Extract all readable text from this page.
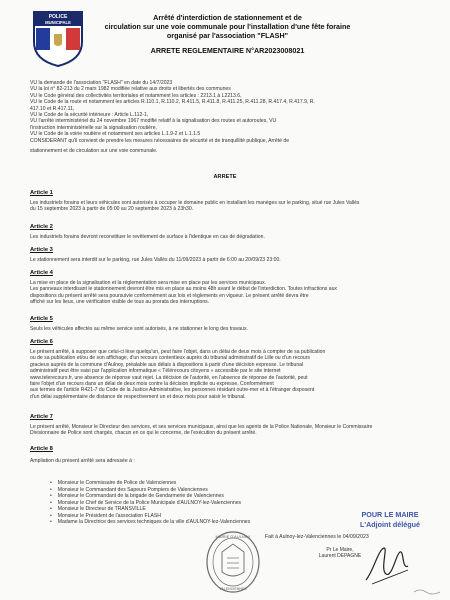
POLICE
MUNICIPALE
Arrêté d'interdiction de stationnement et de
circulation sur une voie communale pour l'installation d'une fête foraine
organisé par l'association "FLASH"
ARRETE REGLEMENTAIRE N°AR2023008021
VU la demande de l'association "FLASH" en date du 14/7/2023
VU la loi n° 82-213 du 2 mars 1982 modifiée relative aux droits et libertés des communes
VU le Code général des collectivités territoriales et notamment les articles : 2213.1 à L2213.6,
VU le Code de la route et notamment les articles R.110.1, R.110.2, R.411.5, R.411.8, R.411.25, R.411.28, R.417.4, R.417.9, R.
417.10 et R.417.11,
VU le Code de la sécurité intérieure : Article L.112-1,
VU l'arrêté interministériel du 24 novembre 1967 modifié relatif à la signalisation des routes et autoroutes, VU
l'instruction interministérielle sur la signalisation routière,
VU le Code de la voirie routière et notamment ses articles L.1.9-2 et L.1.1.5
CONSIDERANT qu'il convient de prendre les mesures nécessaires de sécurité et de tranquillité publique, Arrêté de
stationnement et de circulation sur une voie communale.
ARRETE
Article 1
Les industriels forains et leurs véhicules sont autorisés à occuper le domaine public en installant les manèges sur le parking, situé rue Jules Vallès
du 15 septembre 2023 à partir de 05:00 au 20 septembre 2023 à 23h30.
Article 2
Les industriels forains devront reconstituer le revêtement de surface à l'identique en cas de dégradation.
Article 3
Le stationnement sera interdit sur le parking, rue Jules Vallès du 11/09/2023 à partir de 6:00 au 20/09/23 23:00.
Article 4
La mise en place de la signalisation et la réglementation sera mise en place par les services municipaux.
Les panneaux interdisant le stationnement devront être mis en place au moins 48h avant le début de l'interdiction. Toutes infractions aux
dispositions du présent arrêté sera poursuivie conformément aux lois et règlements en vigueur. Le présent arrêté devra être
affiché sur les lieux, une vérification visible de tous au prorata des interruptions.
Article 5
Seuls les véhicules affectés au même service sont autorisés, à ne stationner le long des travaux.
Article 6
Le présent arrêté, à supposer que celui-ci lèse quelqu'un, peut faire l'objet, dans un délai de deux mois à compter de sa publication
ou de sa publication et/ou de son affichage, d'un recours contentieux auprès du tribunal administratif de Lille ou d'un recours
gracieux auprès de la commune d'Aulnoy, préalable aux délais à dispositions à partir d'une décision expresse. Le tribunal
administratif peut être saisi par l'application informatique « Télérecours citoyens » accessible par le site internet
www.telerecours.fr, une absence de réponse vaut rejet. La décision de l'autorité, en l'absence de réponse de l'autorité, peut
faire l'objet d'un recours dans un délai de deux mois contre la décision implicite ou expresse. Conformément
aux termes de l'article R421-7 du Code de la Justice Administrative, les personnes résidant outre-mer et à l'étranger disposent
d'un délai supplémentaire de distance de respectivement un et deux mois pour saisir le tribunal.
Article 7
Le présent arrêté, Monsieur le Directeur des services, et ses services municipaux, ainsi que les agents de la Police Nationale, Monsieur le Commissaire
Divisionnaire de Police sont chargés, chacun en ce qui le concerne, de l'exécution du présent arrêté.
Article 8
Ampliation du présent arrêté sera adressée à :
• Monsieur le Commissaire de Police de Valenciennes
• Monsieur le Commandant des Sapeurs Pompiers de Valenciennes
• Monsieur le Commandant de la brigade de Gendarmerie de Valenciennes
• Monsieur le Chef de Service de la Police Municipale d'AULNOY-lez-Valenciennes
• Monsieur le Directeur de TRANSVILLE
• Monsieur le Président de l'association FLASH
• Madame la Directrice des services techniques de la ville d'AULNOY-lez-Valenciennes
POUR LE MAIRE
L'Adjoint délégué
Fait à Aulnoy-lez-Valenciennes le 04/09/2023
MAIRIE D'AULNOY
VALENCIENNES
Pr Le Maire,
Laurent DEPAGNE
